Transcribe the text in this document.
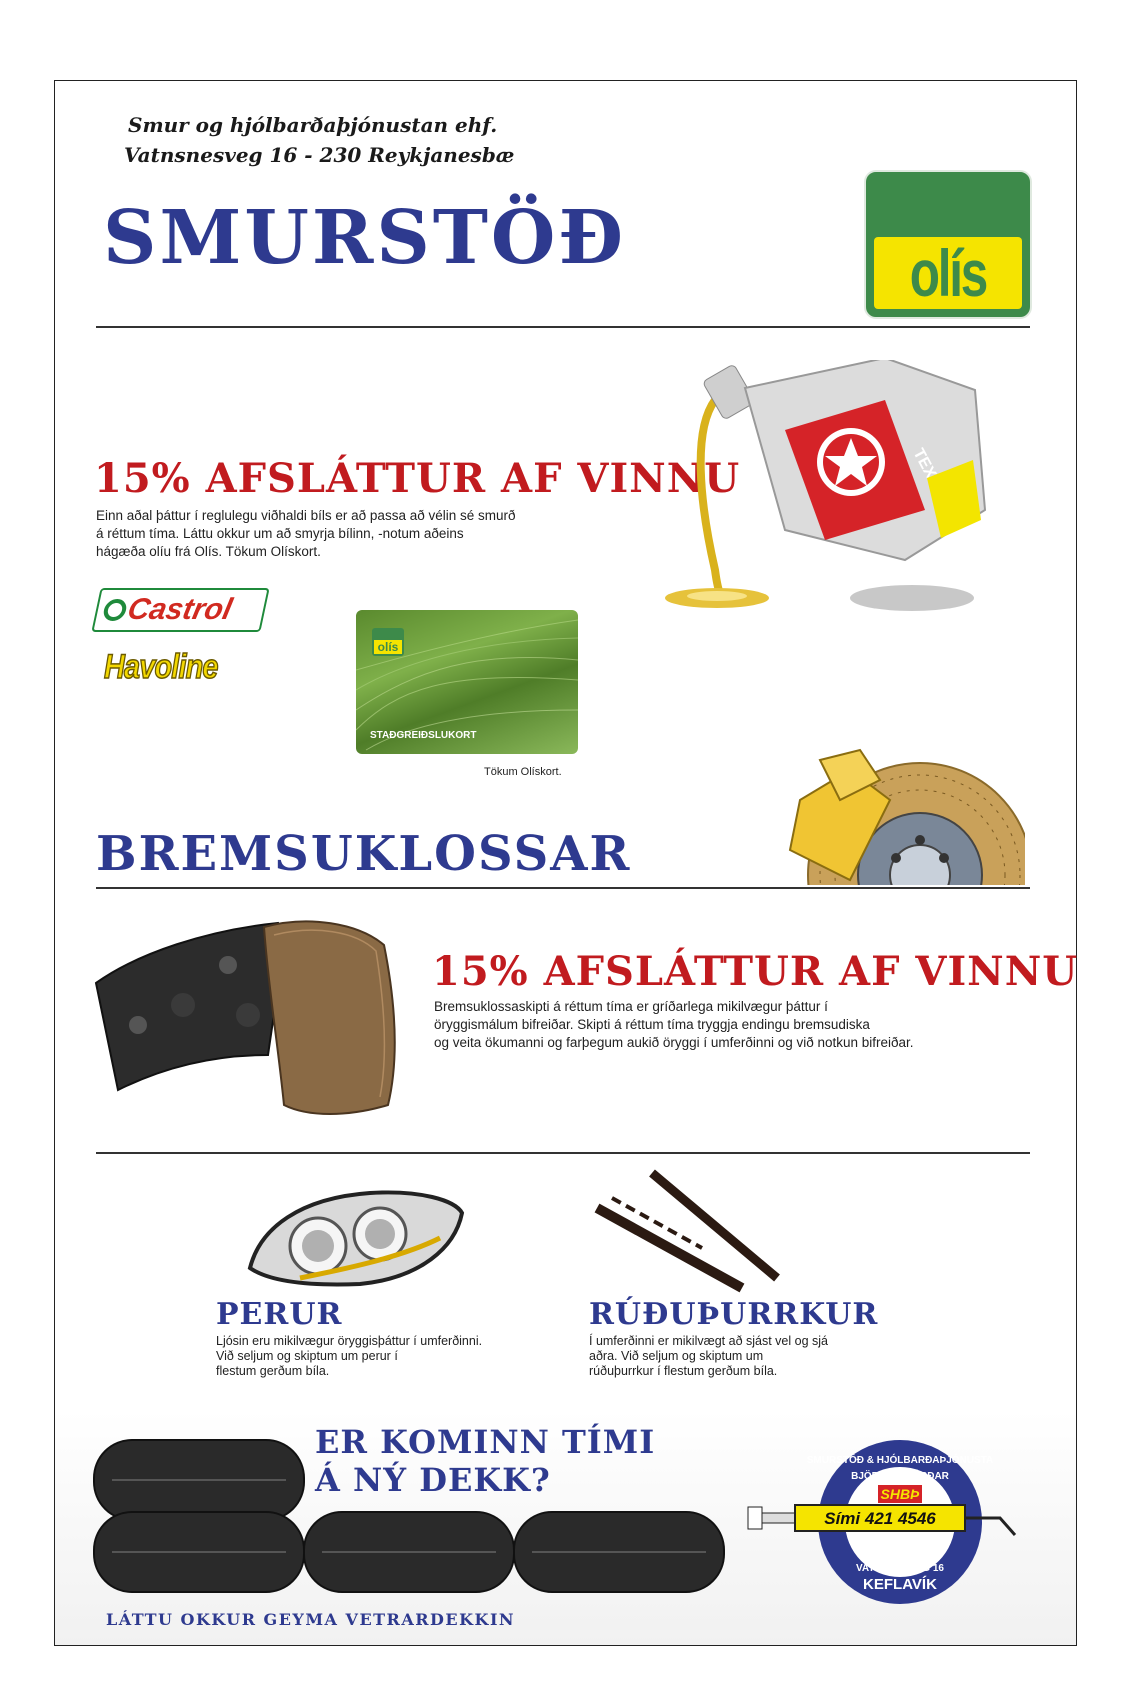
Smur og hjólbarðaþjónustan ehf.
Vatnsnesveg 16 - 230 Reykjanesbæ
SMURSTÖÐ	olís
15% AFSLÁTTUR AF VINNU
Einn aðal þáttur í reglulegu viðhaldi bíls er að passa að vélin sé smurð
á réttum tíma. Láttu okkur um að smyrja bílinn, -notum aðeins
hágæða olíu frá Olís. Tökum Olískort.
Castrol
Havoline
olís
STAÐGREIÐSLUKORT
Tökum Olískort.
BREMSUKLOSSAR
15% AFSLÁTTUR AF VINNU
Bremsuklossaskipti á réttum tíma er gríðarlega mikilvægur þáttur í
öryggismálum bifreiðar. Skipti á réttum tíma tryggja endingu bremsudiska
og veita ökumanni og farþegum aukið öryggi í umferðinni og við notkun bifreiðar.
PERUR
Ljósin eru mikilvægur öryggisþáttur í umferðinni.
Við seljum og skiptum um perur í
flestum gerðum bíla.
RÚÐUÞURRKUR
Í umferðinni er mikilvægt að sjást vel og sjá
aðra. Við seljum og skiptum um
rúðuþurrkur í flestum gerðum bíla.
ER KOMINN TÍMI
Á NÝ DEKK?
LÁTTU OKKUR GEYMA VETRARDEKKIN
SMURSTÖÐ & HJÓLBARÐAÞJÓNUSTA
BJÖRNS & ÞÓRÐAR
SHBÞ
Sími 421 4546
VATNSNESVEG 16
KEFLAVÍK
